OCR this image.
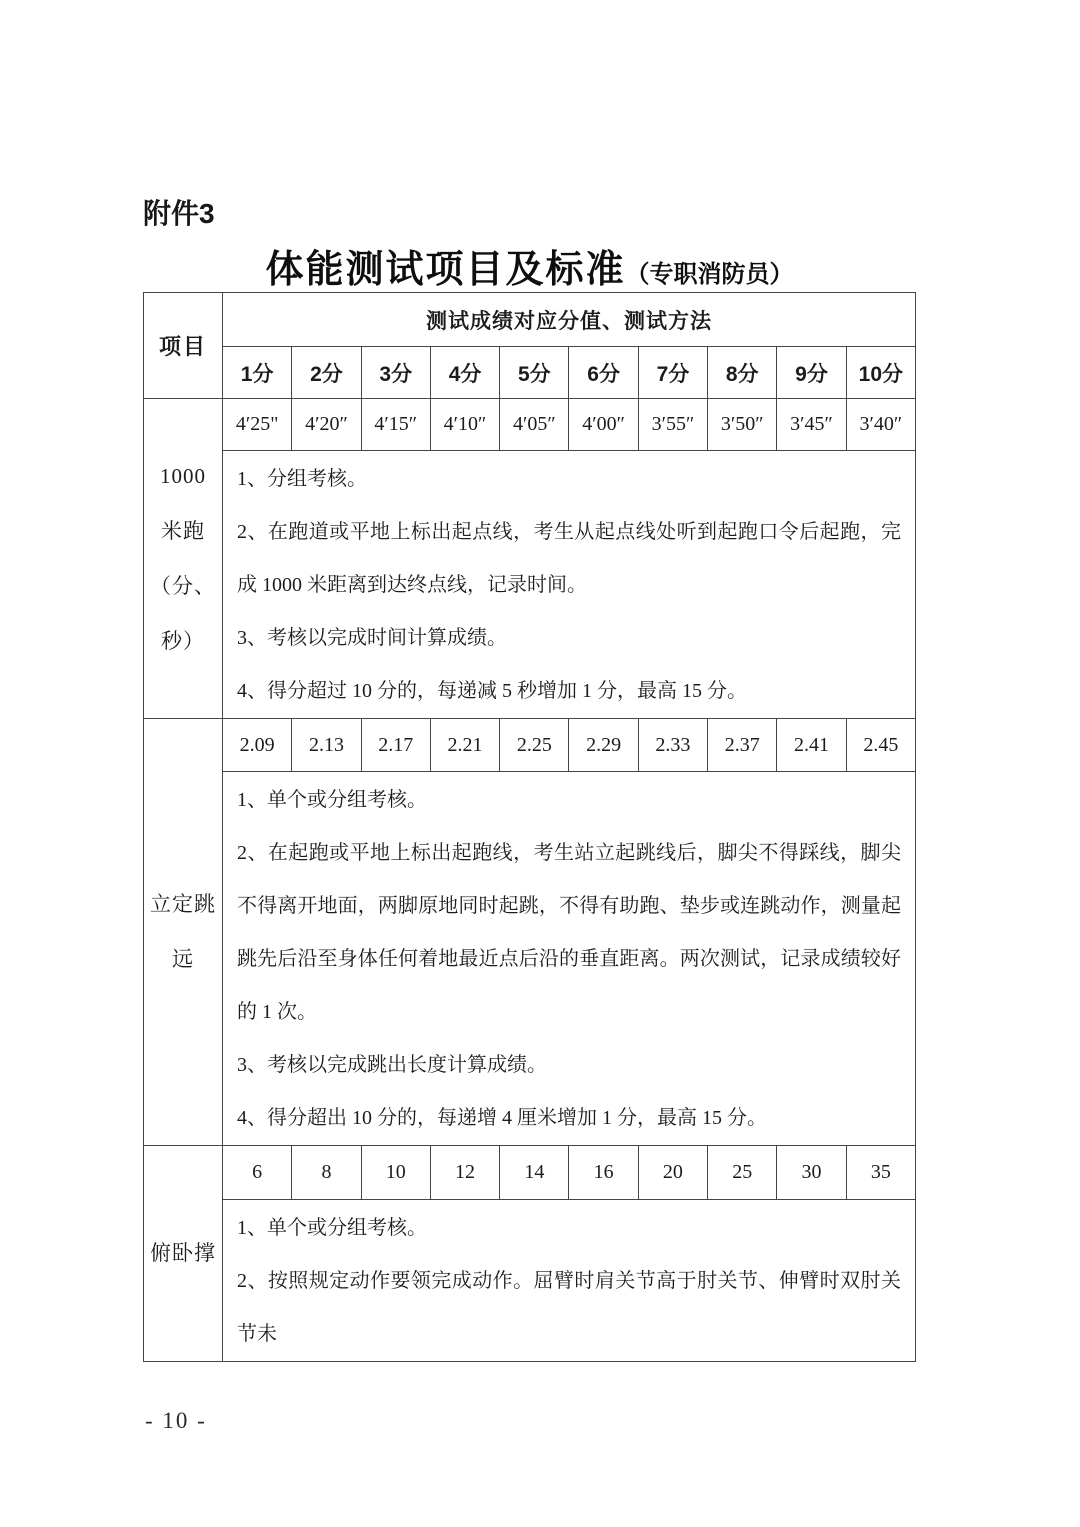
附件3
体能测试项目及标准（专职消防员）
项目	测试成绩对应分值、测试方法									
	1分	2分	3分	4分	5分	6分	7分	8分	9分	10分

1000
米跑
（分、
秒）	4′25"	4′20″	4′15″	4′10″	4′05″	4′00″	3′55″	3′50″	3′45″	3′40″

	1、分组考核。

2、在跑道或平地上标出起点线，考生从起点线处听到起跑口令后起跑，完成 1000 米距离到达终点线，记录时间。

3、考核以完成时间计算成绩。

4、得分超过 10 分的，每递减 5 秒增加 1 分，最高 15 分。									

立定跳
远	2.09	2.13	2.17	2.21	2.25	2.29	2.33	2.37	2.41	2.45

	1、单个或分组考核。

2、在起跑或平地上标出起跑线，考生站立起跳线后，脚尖不得踩线，脚尖不得离开地面，两脚原地同时起跳，不得有助跑、垫步或连跳动作，测量起跳先后沿至身体任何着地最近点后沿的垂直距离。两次测试，记录成绩较好的 1 次。

3、考核以完成跳出长度计算成绩。

4、得分超出 10 分的，每递增 4 厘米增加 1 分，最高 15 分。									

俯卧撑	6	8	10	12	14	16	20	25	30	35

	1、单个或分组考核。

2、按照规定动作要领完成动作。屈臂时肩关节高于肘关节、伸臂时双肘关节未									

- 10 -
